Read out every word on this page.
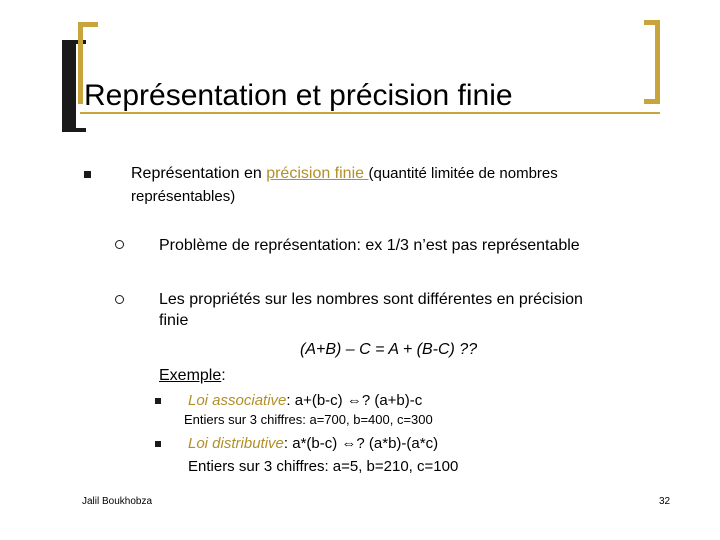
Représentation et précision finie
Représentation en précision finie (quantité limitée de nombres
représentables)
Problème de représentation: ex 1/3 n’est pas représentable
Les propriétés sur les nombres sont différentes en précision
finie
(A+B) – C = A + (B-C) ??
Exemple:
Loi associative: a+(b-c) ⇔? (a+b)-c
Entiers sur 3 chiffres: a=700, b=400, c=300
Loi distributive: a*(b-c) ⇔? (a*b)-(a*c)
Entiers sur 3 chiffres: a=5, b=210, c=100
Jalil Boukhobza	32
